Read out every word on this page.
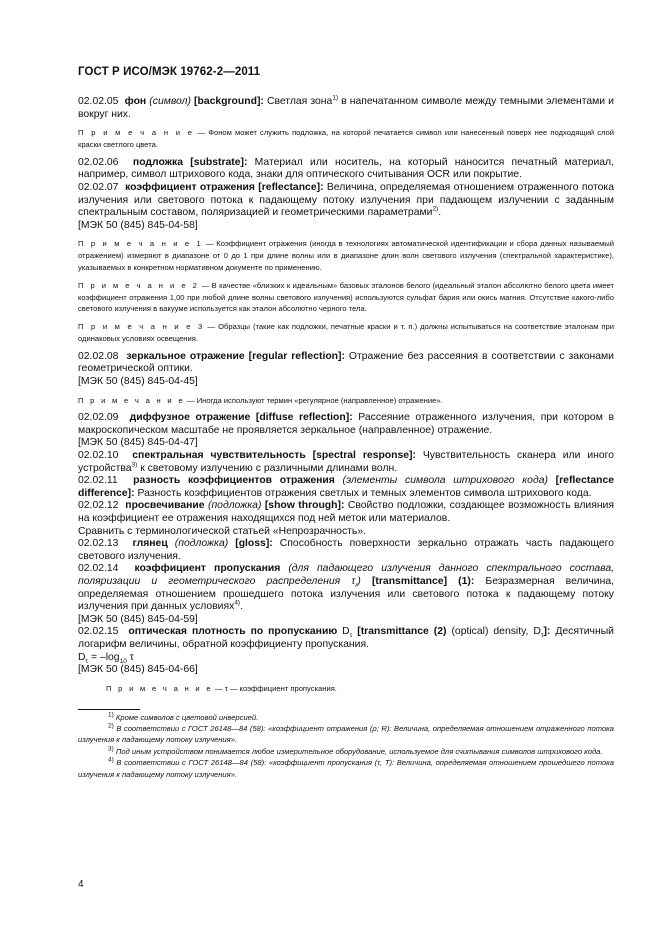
ГОСТ Р ИСО/МЭК 19762-2—2011

02.02.05 фон (символ) [background]: Светлая зона$^{1)}$ в напечатанном символе между темными элементами и вокруг них.

П р и м е ч а н и е — Фоном может служить подложка, на которой печатается символ или нанесенный поверх нее подходящий слой краски светлого цвета.

02.02.06 подложка [substrate]: Материал или носитель, на который наносится печатный материал, например, символ штрихового кода, знаки для оптического считывания OCR или покрытие.

02.02.07 коэффициент отражения [reflectance]: Величина, определяемая отношением отраженного потока излучения или светового потока к падающему потоку излучения при падающем излучении с заданным спектральным составом, поляризацией и геометрическими параметрами$^{2)}$.

[МЭК 50 (845) 845-04-58]

П р и м е ч а н и е 1 — Коэффициент отражения (иногда в технологиях автоматической идентификации и сбора данных называемый отражением) измеряют в диапазоне от 0 до 1 при длине волны или в диапазоне длин волн светового излучения (спектральной характеристике), указываемых в конкретном нормативном документе по применению.

П р и м е ч а н и е 2 — В качестве «близких к идеальным» базовых эталонов белого (идеальный эталон абсолютно белого цвета имеет коэффициент отражения 1,00 при любой длине волны светового излучения) используются сульфат бария или окись магния. Отсутствие какого-либо светового излучения в вакууме используется как эталон абсолютно черного тела.

П р и м е ч а н и е 3 — Образцы (такие как подложки, печатные краски и т. п.) должны испытываться на соответствие эталонам при одинаковых условиях освещения.

02.02.08 зеркальное отражение [regular reflection]: Отражение без рассеяния в соответствии с законами геометрической оптики.

[МЭК 50 (845) 845-04-45]

П р и м е ч а н и е — Иногда используют термин «регулярное (направленное) отражение».

02.02.09 диффузное отражение [diffuse reflection]: Рассеяние отраженного излучения, при котором в макроскопическом масштабе не проявляется зеркальное (направленное) отражение.

[МЭК 50 (845) 845-04-47]

02.02.10 спектральная чувствительность [spectral response]: Чувствительность сканера или иного устройства$^{3)}$ к световому излучению с различными длинами волн.

02.02.11 разность коэффициентов отражения (элементы символа штрихового кода) [reflectance difference]: Разность коэффициентов отражения светлых и темных элементов символа штрихового кода.

02.02.12 просвечивание (подложка) [show through]: Свойство подложки, создающее возможность влияния на коэффициент ее отражения находящихся под ней меток или материалов.

Сравнить с терминологической статьей «Непрозрачность».

02.02.13 глянец (подложка) [gloss]: Способность поверхности зеркально отражать часть падающего светового излучения.

02.02.14 коэффициент пропускания (для падающего излучения данного спектрального состава, поляризации и геометрического распределения $\tau_r$) [transmittance] (1): Безразмерная величина, определяемая отношением прошедшего потока излучения или светового потока к падающему потоку излучения при данных условиях$^{4)}$.

[МЭК 50 (845) 845-04-59]

02.02.15 оптическая плотность по пропусканию $D_\tau$ [transmittance (2) (optical) density, $D_\tau$]: Десятичный логарифм величины, обратной коэффициенту пропускания.

$D_\tau = -\log_{10}$ τ

[МЭК 50 (845) 845-04-66]

П р и м е ч а н и е — τ — коэффициент пропускания.

$^{1)}$ Кроме символов с цветовой инверсией.

$^{2)}$ В соответствии с ГОСТ 26148—84 (58): «коэффициент отражения (ρ; R): Величина, определяемая отношением отраженного потока излучения к падающему потоку излучения».

$^{3)}$ Под иным устройством понимается любое измерительное оборудование, используемое для считывания символов штрихового кода.

$^{4)}$ В соответствии с ГОСТ 26148—84 (58): «коэффициент пропускания (τ, T): Величина, определяемая отношением прошедшего потока излучения к падающему потоку излучения».

4
